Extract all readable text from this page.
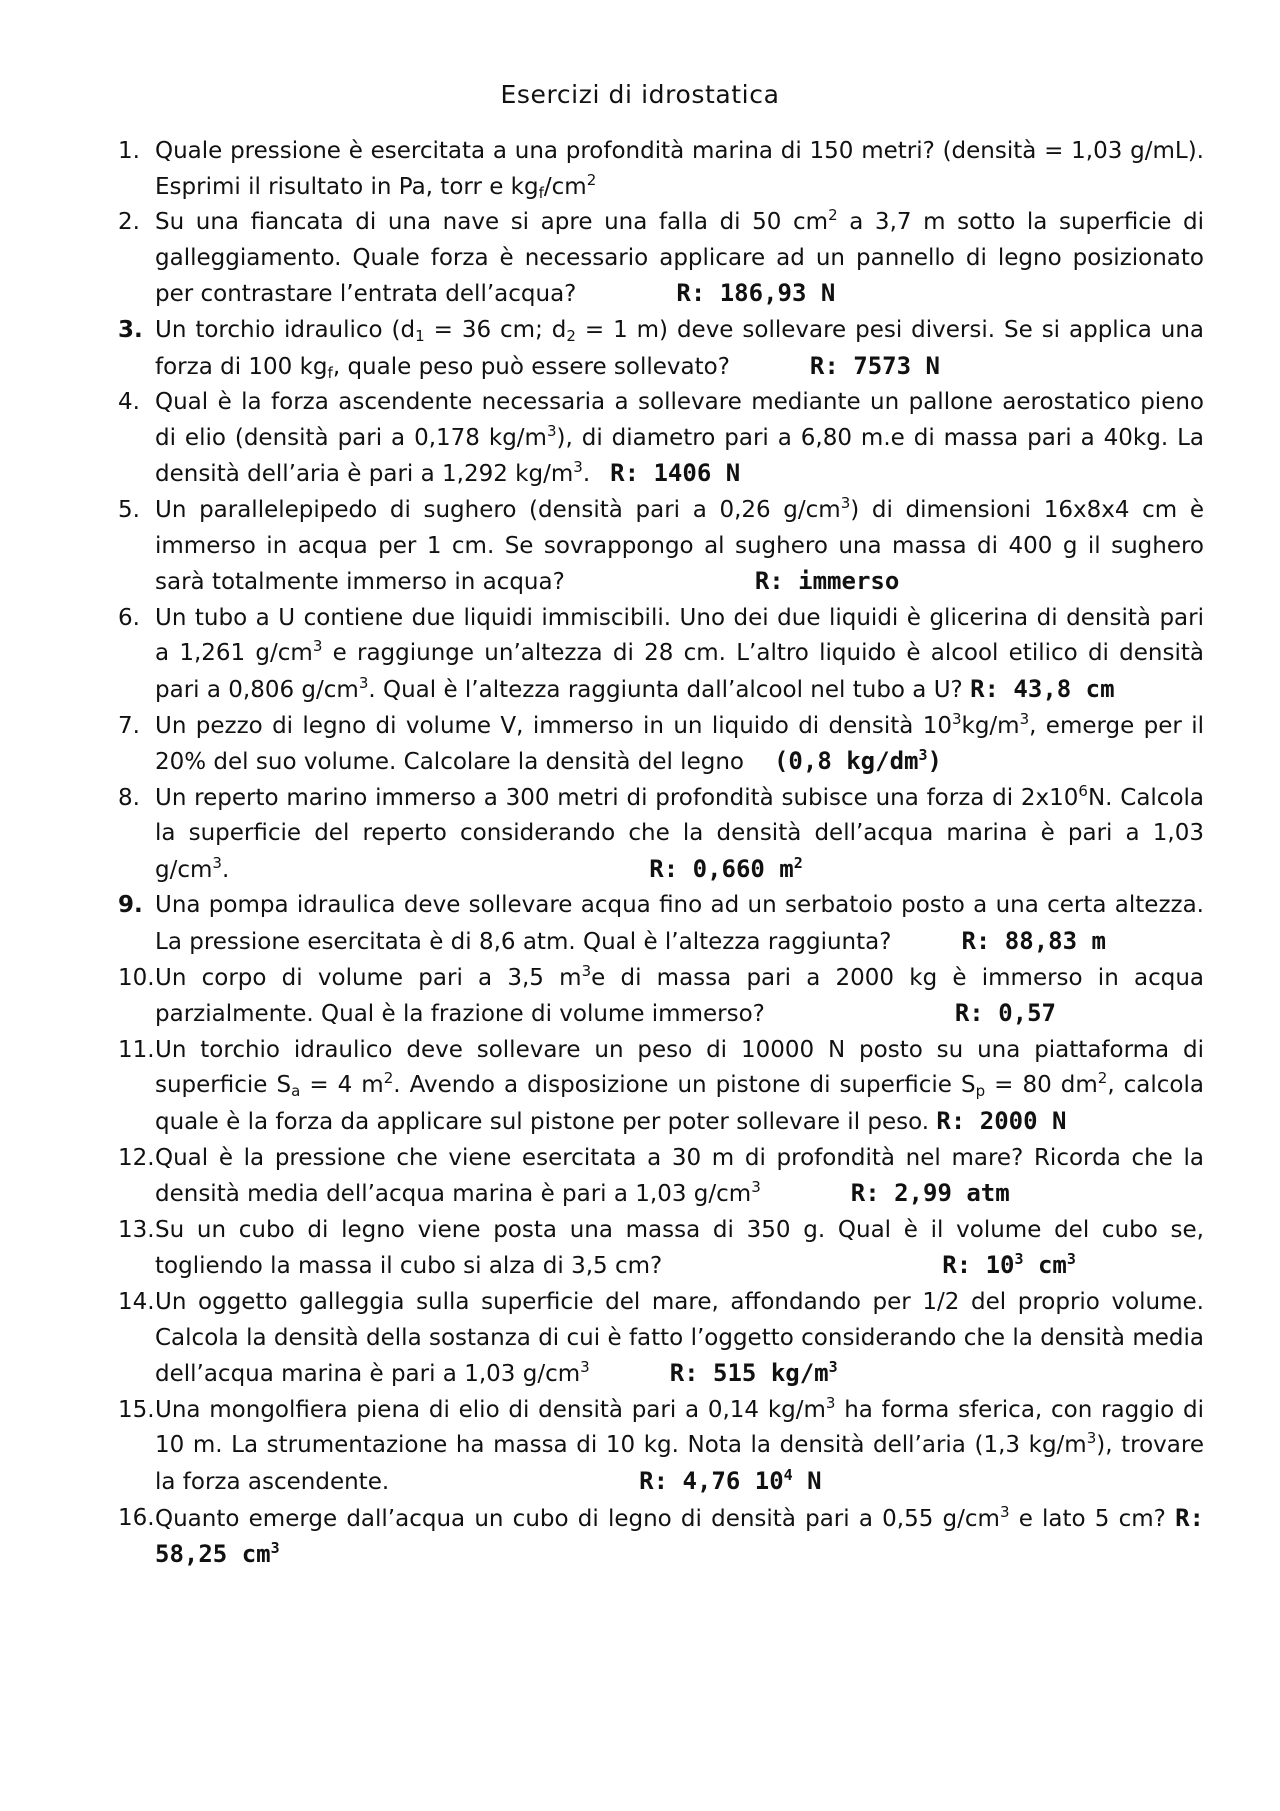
Esercizi di idrostatica
1. Quale pressione è esercitata a una profondità marina di 150 metri? (densità = 1,03 g/mL). Esprimi il risultato in Pa, torr e $kg_f/cm^2$
2. Su una fiancata di una nave si apre una falla di 50 $cm^2$ a 3,7 m sotto la superficie di galleggiamento. Quale forza è necessario applicare ad un pannello di legno posizionato per contrastare l’entrata dell’acqua?	R: 186,93 N
3. Un torchio idraulico ($d_1 = 36$ cm; $d_2 = 1$ m) deve sollevare pesi diversi. Se si applica una forza di 100 $kg_f$, quale peso può essere sollevato?	R: 7573 N
4. Qual è la forza ascendente necessaria a sollevare mediante un pallone aerostatico pieno di elio (densità pari a 0,178 $kg/m^3$), di diametro pari a 6,80 m.e di massa pari a 40kg. La densità dell’aria è pari a 1,292 $kg/m^3$. R: 1406 N
5. Un parallelepipedo di sughero (densità pari a 0,26 $g/cm^3$) di dimensioni 16x8x4 cm è immerso in acqua per 1 cm. Se sovrappongo al sughero una massa di 400 g il sughero sarà totalmente immerso in acqua?	R: immerso
6. Un tubo a U contiene due liquidi immiscibili. Uno dei due liquidi è glicerina di densità pari a 1,261 $g/cm^3$ e raggiunge un’altezza di 28 cm. L’altro liquido è alcool etilico di densità pari a 0,806 $g/cm^3$. Qual è l’altezza raggiunta dall’alcool nel tubo a U? R: 43,8 cm
7. Un pezzo di legno di volume V, immerso in un liquido di densità $10^3kg/m^3$, emerge per il 20% del suo volume. Calcolare la densità del legno (0,8 $kg/dm^3$)
8. Un reperto marino immerso a 300 metri di profondità subisce una forza di $2x10^6N$. Calcola la superficie del reperto considerando che la densità dell’acqua marina è pari a 1,03 $g/cm^3$.	R: 0,660 $m^2$
9. Una pompa idraulica deve sollevare acqua fino ad un serbatoio posto a una certa altezza. La pressione esercitata è di 8,6 atm. Qual è l’altezza raggiunta?	R: 88,83 m
10. Un corpo di volume pari a 3,5 $m^3e$ di massa pari a 2000 kg è immerso in acqua parzialmente. Qual è la frazione di volume immerso?	R: 0,57
11. Un torchio idraulico deve sollevare un peso di 10000 N posto su una piattaforma di superficie $S_a = 4$ $m^2$. Avendo a disposizione un pistone di superficie $S_p = 80$ $dm^2$, calcola quale è la forza da applicare sul pistone per poter sollevare il peso. R: 2000 N
12. Qual è la pressione che viene esercitata a 30 m di profondità nel mare? Ricorda che la densità media dell’acqua marina è pari a 1,03 $g/cm^3$	R: 2,99 atm
13. Su un cubo di legno viene posta una massa di 350 g. Qual è il volume del cubo se, togliendo la massa il cubo si alza di 3,5 cm?	R: $10^3$ $cm^3$
14. Un oggetto galleggia sulla superficie del mare, affondando per 1/2 del proprio volume. Calcola la densità della sostanza di cui è fatto l’oggetto considerando che la densità media dell’acqua marina è pari a 1,03 $g/cm^3$	R: 515 $kg/m^3$
15. Una mongolfiera piena di elio di densità pari a 0,14 $kg/m^3$ ha forma sferica, con raggio di 10 m. La strumentazione ha massa di 10 kg. Nota la densità dell’aria (1,3 $kg/m^3$), trovare la forza ascendente.	R: 4,76 $10^4$ N
16. Quanto emerge dall’acqua un cubo di legno di densità pari a 0,55 $g/cm^3$ e lato 5 cm? R: 58,25 $cm^3$
